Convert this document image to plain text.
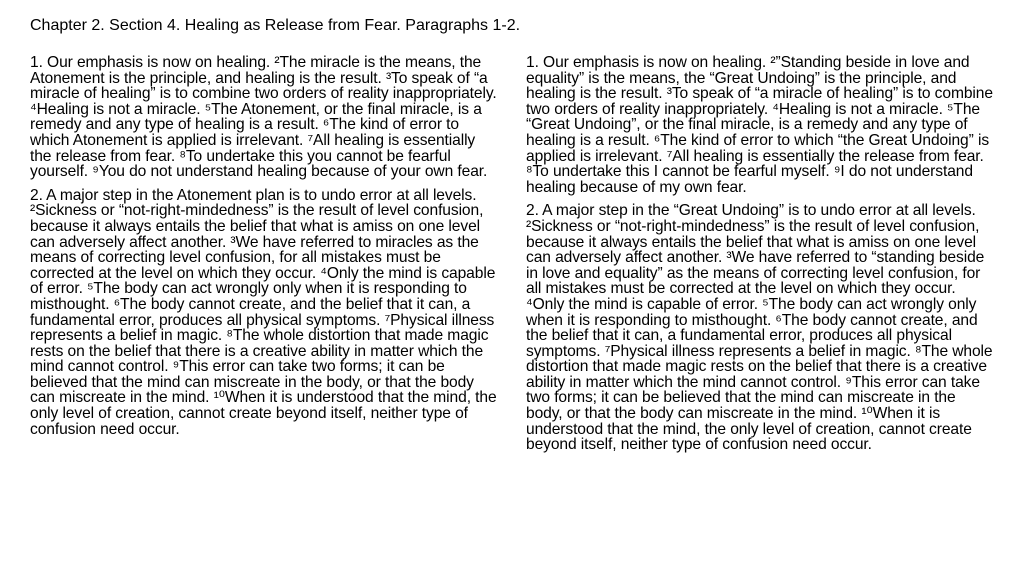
Chapter 2. Section 4. Healing as Release from Fear. Paragraphs 1-2.

1. Our emphasis is now on healing. ²The miracle is the means, the Atonement is the principle, and healing is the result. ³To speak of “a miracle of healing” is to combine two orders of reality inappropriately. ⁴Healing is not a miracle. ⁵The Atonement, or the final miracle, is a remedy and any type of healing is a result. ⁶The kind of error to which Atonement is applied is irrelevant. ⁷All healing is essentially the release from fear. ⁸To undertake this you cannot be fearful yourself. ⁹You do not understand healing because of your own fear.

2. A major step in the Atonement plan is to undo error at all levels. ²Sickness or “not-right-mindedness” is the result of level confusion, because it always entails the belief that what is amiss on one level can adversely affect another. ³We have referred to miracles as the means of correcting level confusion, for all mistakes must be corrected at the level on which they occur. ⁴Only the mind is capable of error. ⁵The body can act wrongly only when it is responding to misthought. ⁶The body cannot create, and the belief that it can, a fundamental error, produces all physical symptoms. ⁷Physical illness represents a belief in magic. ⁸The whole distortion that made magic rests on the belief that there is a creative ability in matter which the mind cannot control. ⁹This error can take two forms; it can be believed that the mind can miscreate in the body, or that the body can miscreate in the mind. ¹⁰When it is understood that the mind, the only level of creation, cannot create beyond itself, neither type of confusion need occur.

1. Our emphasis is now on healing. ²”Standing beside in love and equality” is the means, the “Great Undoing” is the principle, and healing is the result. ³To speak of “a miracle of healing” is to combine two orders of reality inappropriately. ⁴Healing is not a miracle. ⁵The “Great Undoing”, or the final miracle, is a remedy and any type of healing is a result. ⁶The kind of error to which “the Great Undoing” is applied is irrelevant. ⁷All healing is essentially the release from fear. ⁸To undertake this I cannot be fearful myself. ⁹I do not understand healing because of my own fear.

2. A major step in the “Great Undoing” is to undo error at all levels. ²Sickness or “not-right-mindedness” is the result of level confusion, because it always entails the belief that what is amiss on one level can adversely affect another. ³We have referred to “standing beside in love and equality” as the means of correcting level confusion, for all mistakes must be corrected at the level on which they occur. ⁴Only the mind is capable of error. ⁵The body can act wrongly only when it is responding to misthought. ⁶The body cannot create, and the belief that it can, a fundamental error, produces all physical symptoms. ⁷Physical illness represents a belief in magic. ⁸The whole distortion that made magic rests on the belief that there is a creative ability in matter which the mind cannot control. ⁹This error can take two forms; it can be believed that the mind can miscreate in the body, or that the body can miscreate in the mind. ¹⁰When it is understood that the mind, the only level of creation, cannot create beyond itself, neither type of confusion need occur.
